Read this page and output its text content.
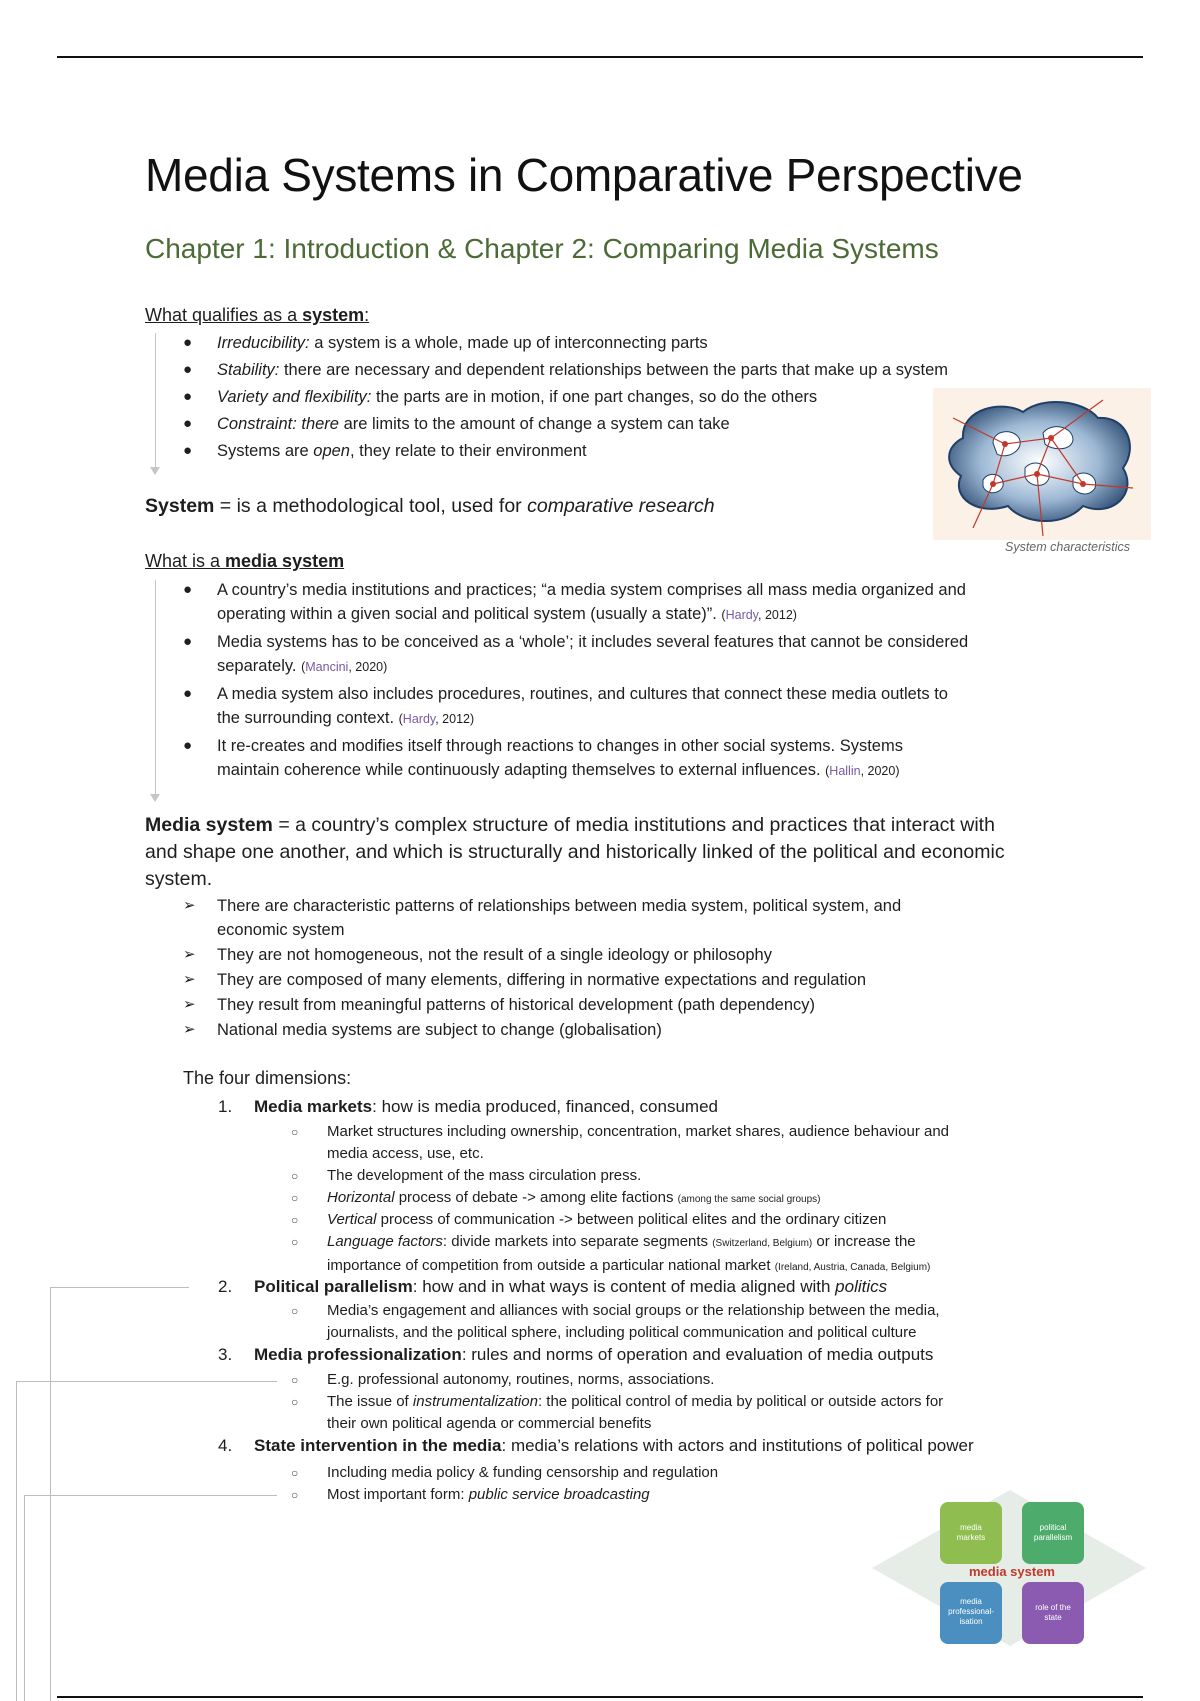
Media Systems in Comparative Perspective
Chapter 1: Introduction & Chapter 2: Comparing Media Systems
What qualifies as a system:
● Irreducibility: a system is a whole, made up of interconnecting parts
● Stability: there are necessary and dependent relationships between the parts that make up a system
● Variety and flexibility: the parts are in motion, if one part changes, so do the others
● Constraint: there are limits to the amount of change a system can take
● Systems are open, they relate to their environment
System = is a methodological tool, used for comparative research
System characteristics
What is a media system
● A country’s media institutions and practices; “a media system comprises all mass media organized and
operating within a given social and political system (usually a state)”. (Hardy, 2012)
● Media systems has to be conceived as a ‘whole’; it includes several features that cannot be considered
separately. (Mancini, 2020)
● A media system also includes procedures, routines, and cultures that connect these media outlets to
the surrounding context. (Hardy, 2012)
● It re-creates and modifies itself through reactions to changes in other social systems. Systems
maintain coherence while continuously adapting themselves to external influences. (Hallin, 2020)
Media system = a country’s complex structure of media institutions and practices that interact with
and shape one another, and which is structurally and historically linked of the political and economic
system.
➢ There are characteristic patterns of relationships between media system, political system, and
economic system
➢ They are not homogeneous, not the result of a single ideology or philosophy
➢ They are composed of many elements, differing in normative expectations and regulation
➢ They result from meaningful patterns of historical development (path dependency)
➢ National media systems are subject to change (globalisation)
The four dimensions:
1. Media markets: how is media produced, financed, consumed
2. Political parallelism: how and in what ways is content of media aligned with politics
3. Media professionalization: rules and norms of operation and evaluation of media outputs
4. State intervention in the media: media’s relations with actors and institutions of political power
○ Market structures including ownership, concentration, market shares, audience behaviour and
media access, use, etc.
○ The development of the mass circulation press.
○ Horizontal process of debate -> among elite factions (among the same social groups)
○ Vertical process of communication -> between political elites and the ordinary citizen
○ Language factors: divide markets into separate segments (Switzerland, Belgium) or increase the
importance of competition from outside a particular national market (Ireland, Austria, Canada, Belgium)
○ Media’s engagement and alliances with social groups or the relationship between the media,
journalists, and the political sphere, including political communication and political culture
○ E.g. professional autonomy, routines, norms, associations.
○ The issue of instrumentalization: the political control of media by political or outside actors for
their own political agenda or commercial benefits
○ Including media policy & funding censorship and regulation
○ Most important form: public service broadcasting
media
markets
political
parallelism
media
professional-
isation
role of the
state
media system
